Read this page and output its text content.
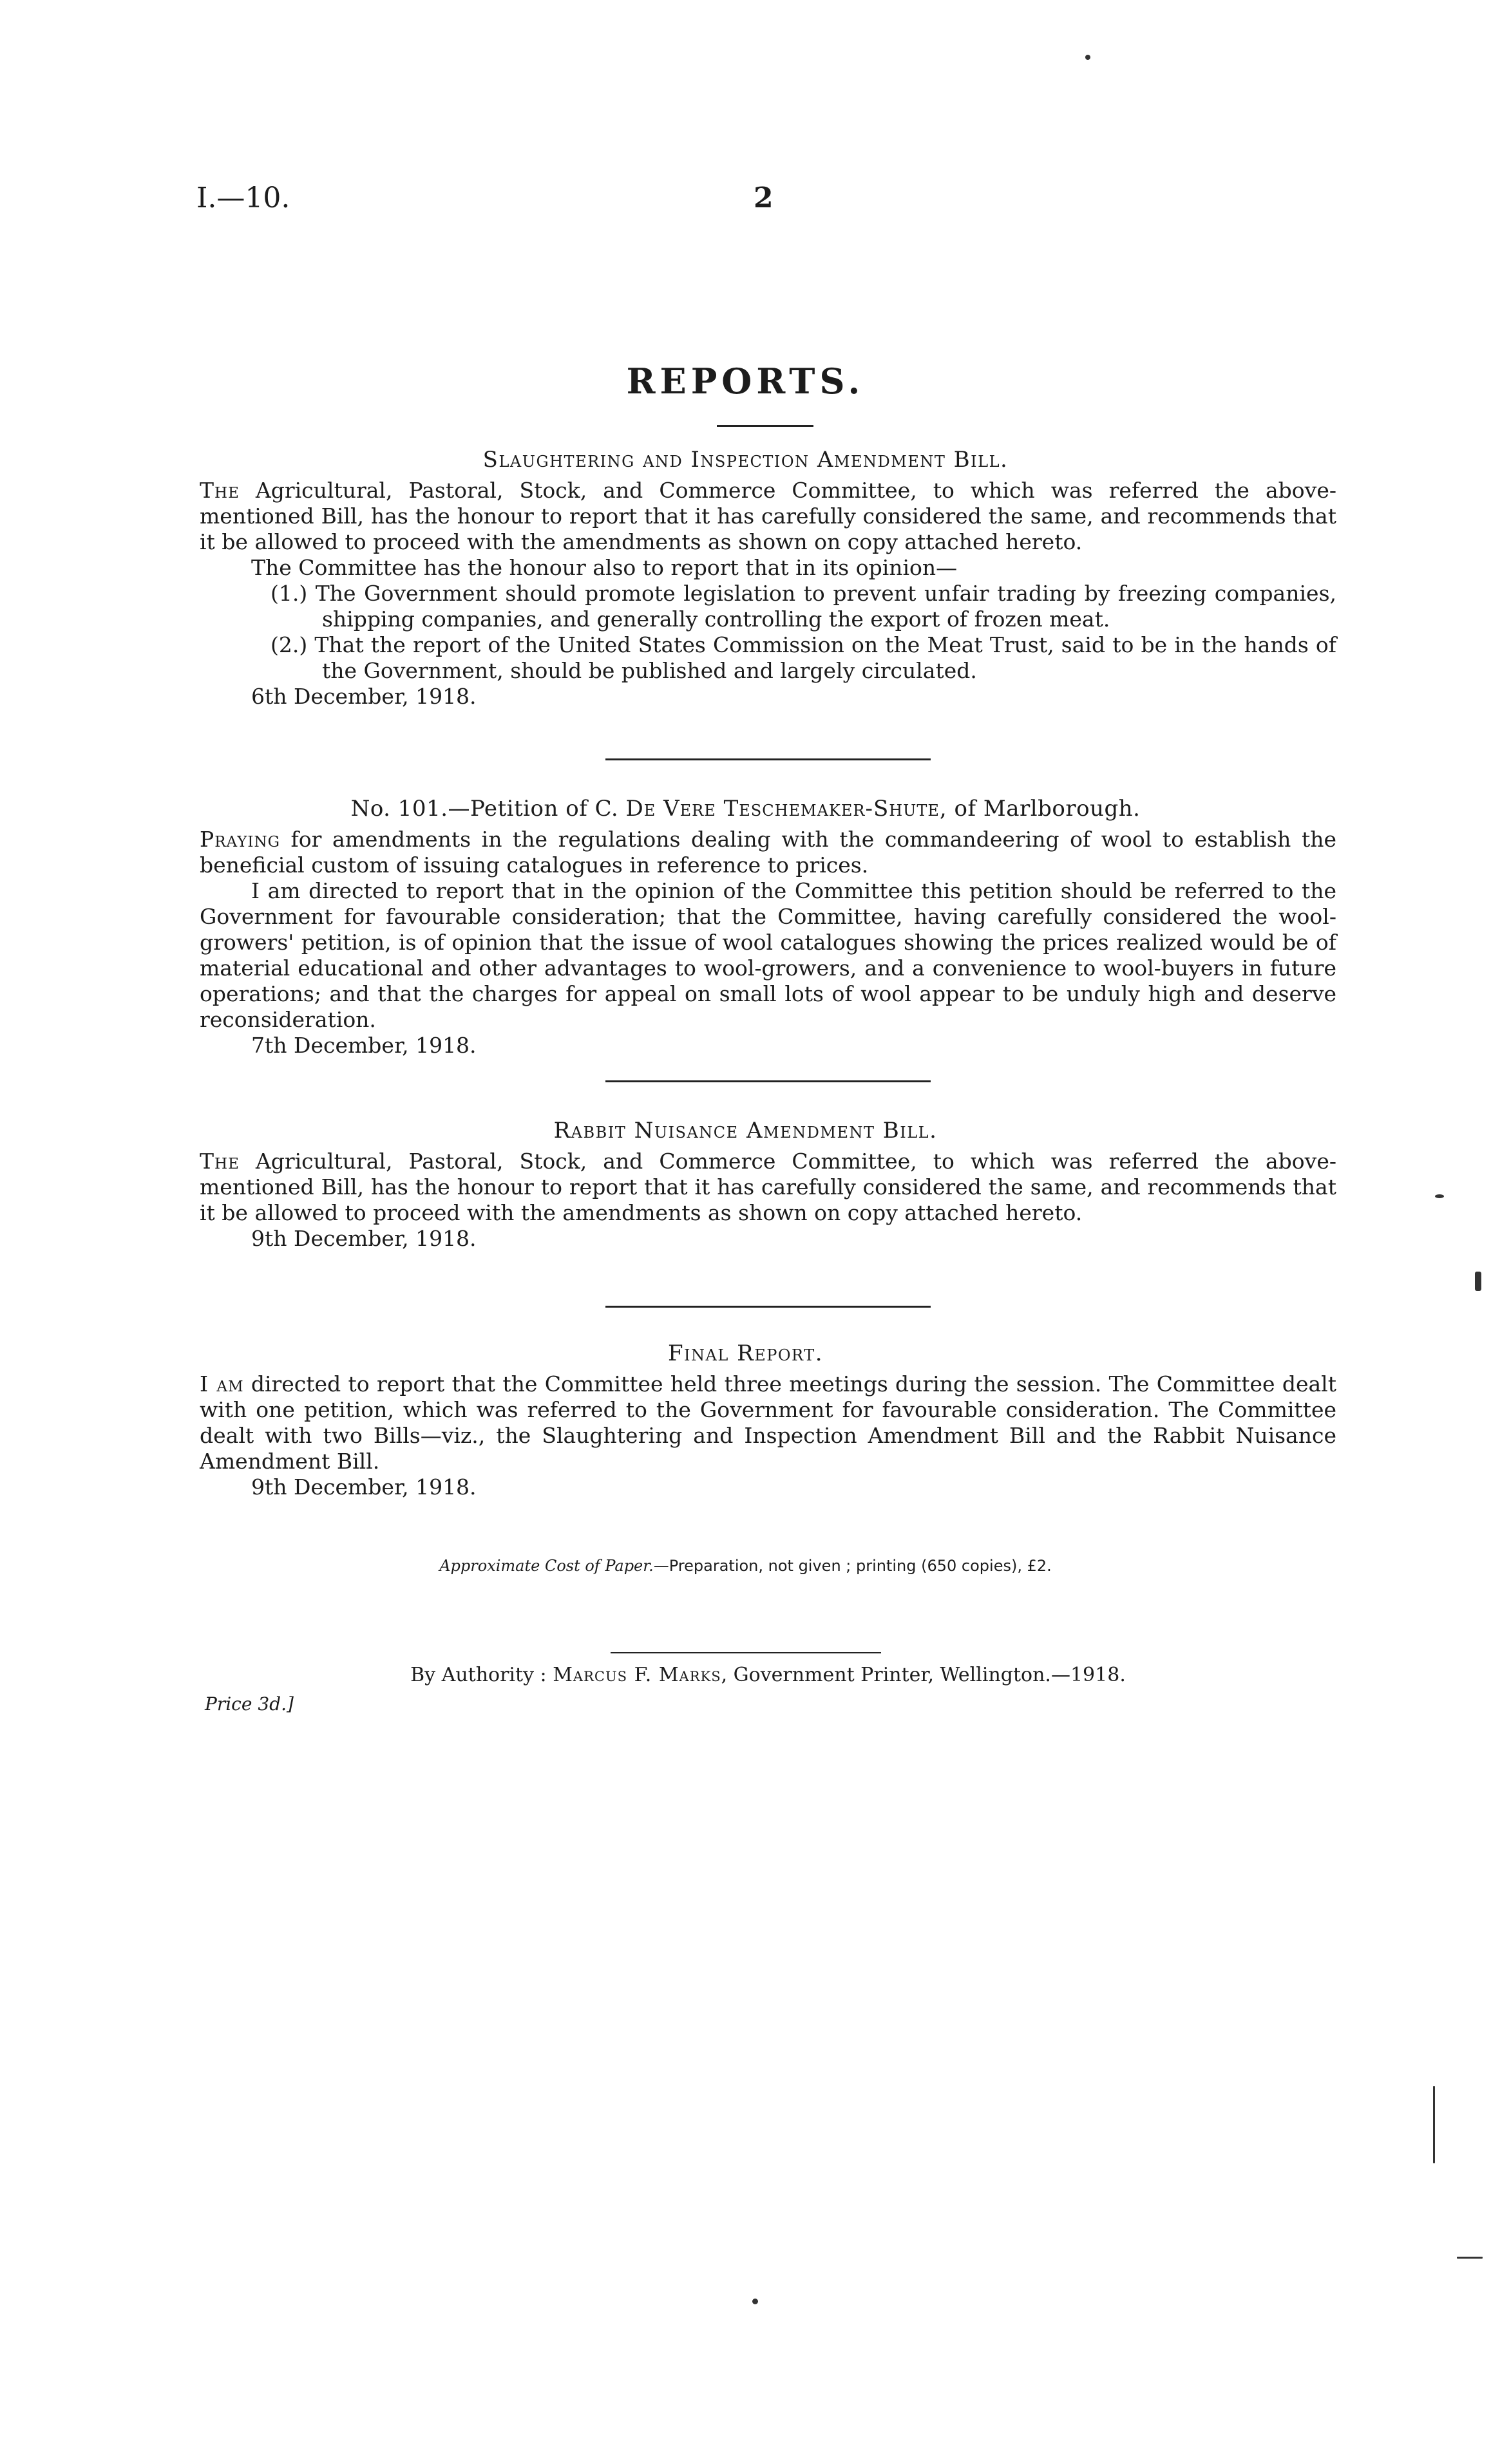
I.—10.	2
REPORTS.
Slaughtering and Inspection Amendment Bill.

The Agricultural, Pastoral, Stock, and Commerce Committee, to which was referred the above-mentioned Bill, has the honour to report that it has carefully considered the same, and recommends that it be allowed to proceed with the amendments as shown on copy attached hereto.

The Committee has the honour also to report that in its opinion—

(1.) The Government should promote legislation to prevent unfair trading by freezing companies, shipping companies, and generally controlling the export of frozen meat.

(2.) That the report of the United States Commission on the Meat Trust, said to be in the hands of the Government, should be published and largely circulated.

6th December, 1918.

No. 101.—Petition of C. De Vere Teschemaker-Shute, of Marlborough.

Praying for amendments in the regulations dealing with the commandeering of wool to establish the beneficial custom of issuing catalogues in reference to prices.

I am directed to report that in the opinion of the Committee this petition should be referred to the Government for favourable consideration; that the Committee, having carefully considered the wool-growers' petition, is of opinion that the issue of wool catalogues showing the prices realized would be of material educational and other advantages to wool-growers, and a convenience to wool-buyers in future operations; and that the charges for appeal on small lots of wool appear to be unduly high and deserve reconsideration.

7th December, 1918.

Rabbit Nuisance Amendment Bill.

The Agricultural, Pastoral, Stock, and Commerce Committee, to which was referred the above-mentioned Bill, has the honour to report that it has carefully considered the same, and recommends that it be allowed to proceed with the amendments as shown on copy attached hereto.

9th December, 1918.

Final Report.

I am directed to report that the Committee held three meetings during the session. The Committee dealt with one petition, which was referred to the Government for favourable consideration. The Committee dealt with two Bills—viz., the Slaughtering and Inspection Amendment Bill and the Rabbit Nuisance Amendment Bill.

9th December, 1918.

Approximate Cost of Paper.—Preparation, not given ; printing (650 copies), £2.
By Authority : Marcus F. Marks, Government Printer, Wellington.—1918.
Price 3d.]
